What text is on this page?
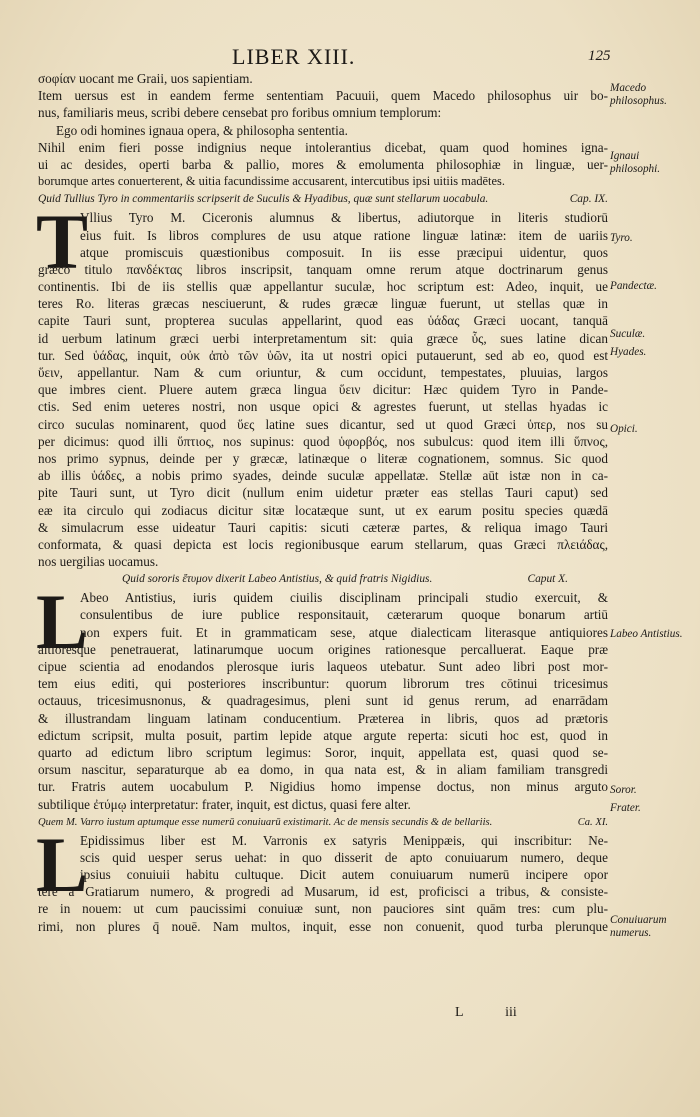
LIBER XIII.	125
σοφίαν uocant me Graii, uos sapientiam.
Item uersus est in eandem ferme sententiam Pacuuii, quem Macedo philosophus uir bo-
nus, familiaris meus, scribi debere censebat pro foribus omnium templorum:
Ego odi homines ignaua opera, & philosopha sententia.
Nihil enim fieri posse indignius neque intolerantius dicebat, quam quod homines igna-
ui ac desides, operti barba & pallio, mores & emolumenta philosophiæ in linguæ, uer-
borumque artes conuerterent, & uitia facundissime accusarent, intercutibus ipsi uitiis madētes.
Quid Tullius Tyro in commentariis scripserit de Suculis & Hyadibus, quæ sunt stellarum uocabula.	Cap. IX.
T
Vllius Tyro M. Ciceronis alumnus & libertus, adiutorque in literis studiorū
eius fuit. Is libros complures de usu atque ratione linguæ latinæ: item de uariis
atque promiscuis quæstionibus composuit. In iis esse præcipui uidentur, quos
græco titulo πανδέκτας libros inscripsit, tanquam omne rerum atque doctrinarum genus
continentis. Ibi de iis stellis quæ appellantur suculæ, hoc scriptum est: Adeo, inquit, ue
teres Ro. literas græcas nesciuerunt, & rudes græcæ linguæ fuerunt, ut stellas quæ in
capite Tauri sunt, propterea suculas appellarint, quod eas ὑάδας Græci uocant, tanquā
id uerbum latinum græci uerbi interpretamentum sit: quia græce ὗς, sues latine dican
tur. Sed ὑάδας, inquit, οὐκ ἀπὸ τῶν ὑῶν, ita ut nostri opici putauerunt, sed ab eo, quod est
ὕειν, appellantur. Nam & cum oriuntur, & cum occidunt, tempestates, pluuias, largos
que imbres cient. Pluere autem græca lingua ὕειν dicitur: Hæc quidem Tyro in Pande-
ctis. Sed enim ueteres nostri, non usque opici & agrestes fuerunt, ut stellas hyadas ic
circo suculas nominarent, quod ὕες latine sues dicantur, sed ut quod Græci ὑπερ, nos su
per dicimus: quod illi ὕπτιος, nos supinus: quod ὑφορβός, nos subulcus: quod item illi ὕπνος,
nos primo sypnus, deinde per y græcæ, latinæque o literæ cognationem, somnus. Sic quod
ab illis ὑάδες, a nobis primo syades, deinde suculæ appellatæ. Stellæ aūt istæ non in ca-
pite Tauri sunt, ut Tyro dicit (nullum enim uidetur præter eas stellas Tauri caput) sed
eæ ita circulo qui zodiacus dicitur sitæ locatæque sunt, ut ex earum positu species quædā
& simulacrum esse uideatur Tauri capitis: sicuti cæteræ partes, & reliqua imago Tauri
conformata, & quasi depicta est locis regionibusque earum stellarum, quas Græci πλειάδας,
nos uergilias uocamus.
Quid sororis ἔτυμον dixerit Labeo Antistius, & quid fratris Nigidius.	Caput X.
L
Abeo Antistius, iuris quidem ciuilis disciplinam principali studio exercuit, &
consulentibus de iure publice responsitauit, cæterarum quoque bonarum artiū
non expers fuit. Et in grammaticam sese, atque dialecticam literasque antiquiores
altioresque penetrauerat, latinarumque uocum origines rationesque percalluerat. Eaque præ
cipue scientia ad enodandos plerosque iuris laqueos utebatur. Sunt adeo libri post mor-
tem eius editi, qui posteriores inscribuntur: quorum librorum tres cōtinui tricesimus
octauus, tricesimusnonus, & quadragesimus, pleni sunt id genus rerum, ad enarrādam
& illustrandam linguam latinam conducentium. Præterea in libris, quos ad prætoris
edictum scripsit, multa posuit, partim lepide atque argute reperta: sicuti hoc est, quod in
quarto ad edictum libro scriptum legimus: Soror, inquit, appellata est, quasi quod se-
orsum nascitur, separaturque ab ea domo, in qua nata est, & in aliam familiam transgredi
tur. Fratris autem uocabulum P. Nigidius homo impense doctus, non minus arguto
subtilique ἐτύμῳ interpretatur: frater, inquit, est dictus, quasi fere alter.
Quem M. Varro iustum aptumque esse numerū conuiuarū existimarit. Ac de mensis secundis & de bellariis.	Ca. XI.
L
Epidissimus liber est M. Varronis ex satyris Menippæis, qui inscribitur: Ne-
scis quid uesper serus uehat: in quo disserit de apto conuiuarum numero, deque
ipsius conuiuii habitu cultuque. Dicit autem conuiuarum numerū incipere opor
tere a Gratiarum numero, & progredi ad Musarum, id est, proficisci a tribus, & consiste-
re in nouem: ut cum paucissimi conuiuæ sunt, non pauciores sint quām tres: cum plu-
rimi, non plures q̄ nouē. Nam multos, inquit, esse non conuenit, quod turba plerunque
Macedo philosophus.
Ignaui philosophi.
Tyro.
Pandectæ.
Suculæ.
Hyades.
Opici.
Labeo Antistius.
Soror.
Frater.
Conuiuarum numerus.
L	iii
